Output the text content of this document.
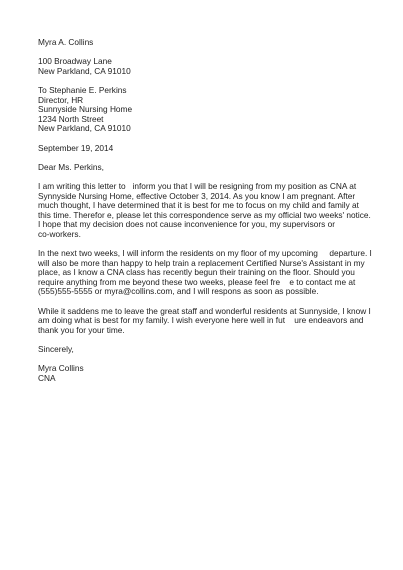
Myra A. Collins
100 Broadway Lane
New Parkland, CA 91010
To Stephanie E. Perkins
Director, HR
Sunnyside Nursing Home
1234 North Street
New Parkland, CA 91010
September 19, 2014
Dear Ms. Perkins,
I am writing this letter to   inform you that I will be resigning from my position as CNA at
Synnyside Nursing Home, effective October 3, 2014. As you know I am pregnant. After
much thought, I have determined that it is best for me to focus on my child and family at
this time. Therefor e, please let this correspondence serve as my official two weeks' notice.
I hope that my decision does not cause inconvenience for you, my supervisors or
co-workers.
In the next two weeks, I will inform the residents on my floor of my upcoming     departure. I
will also be more than happy to help train a replacement Certified Nurse's Assistant in my
place, as I know a CNA class has recently begun their training on the floor. Should you
require anything from me beyond these two weeks, please feel fre    e to contact me at
(555)555-5555 or myra@collins.com, and I will respons as soon as possible.
While it saddens me to leave the great staff and wonderful residents at Sunnyside, I know I
am doing what is best for my family. I wish everyone here well in fut    ure endeavors and
thank you for your time.
Sincerely,
Myra Collins
CNA
